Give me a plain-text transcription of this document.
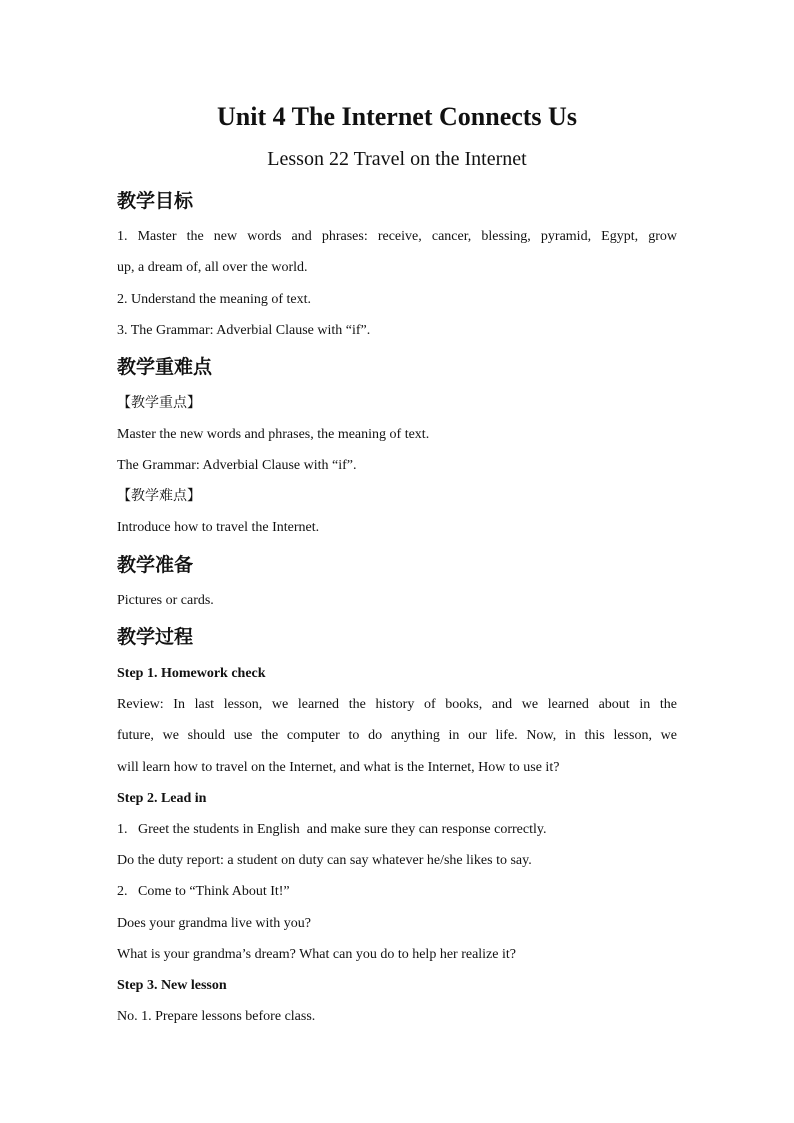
Unit 4 The Internet Connects Us
Lesson 22 Travel on the Internet
教学目标
1. Master the new words and phrases: receive, cancer, blessing, pyramid, Egypt, grow
up, a dream of, all over the world.
2. Understand the meaning of text.
3. The Grammar: Adverbial Clause with “if”.
教学重难点
【教学重点】
Master the new words and phrases, the meaning of text.
The Grammar: Adverbial Clause with “if”.
【教学难点】
Introduce how to travel the Internet.
教学准备
Pictures or cards.
教学过程
Step 1. Homework check
Review: In last lesson, we learned the history of books, and we learned about in the
future, we should use the computer to do anything in our life. Now, in this lesson, we
will learn how to travel on the Internet, and what is the Internet, How to use it?
Step 2. Lead in
1.   Greet the students in English  and make sure they can response correctly.
Do the duty report: a student on duty can say whatever he/she likes to say.
2.   Come to “Think About It!”
Does your grandma live with you?
What is your grandma’s dream? What can you do to help her realize it?
Step 3. New lesson
No. 1. Prepare lessons before class.
